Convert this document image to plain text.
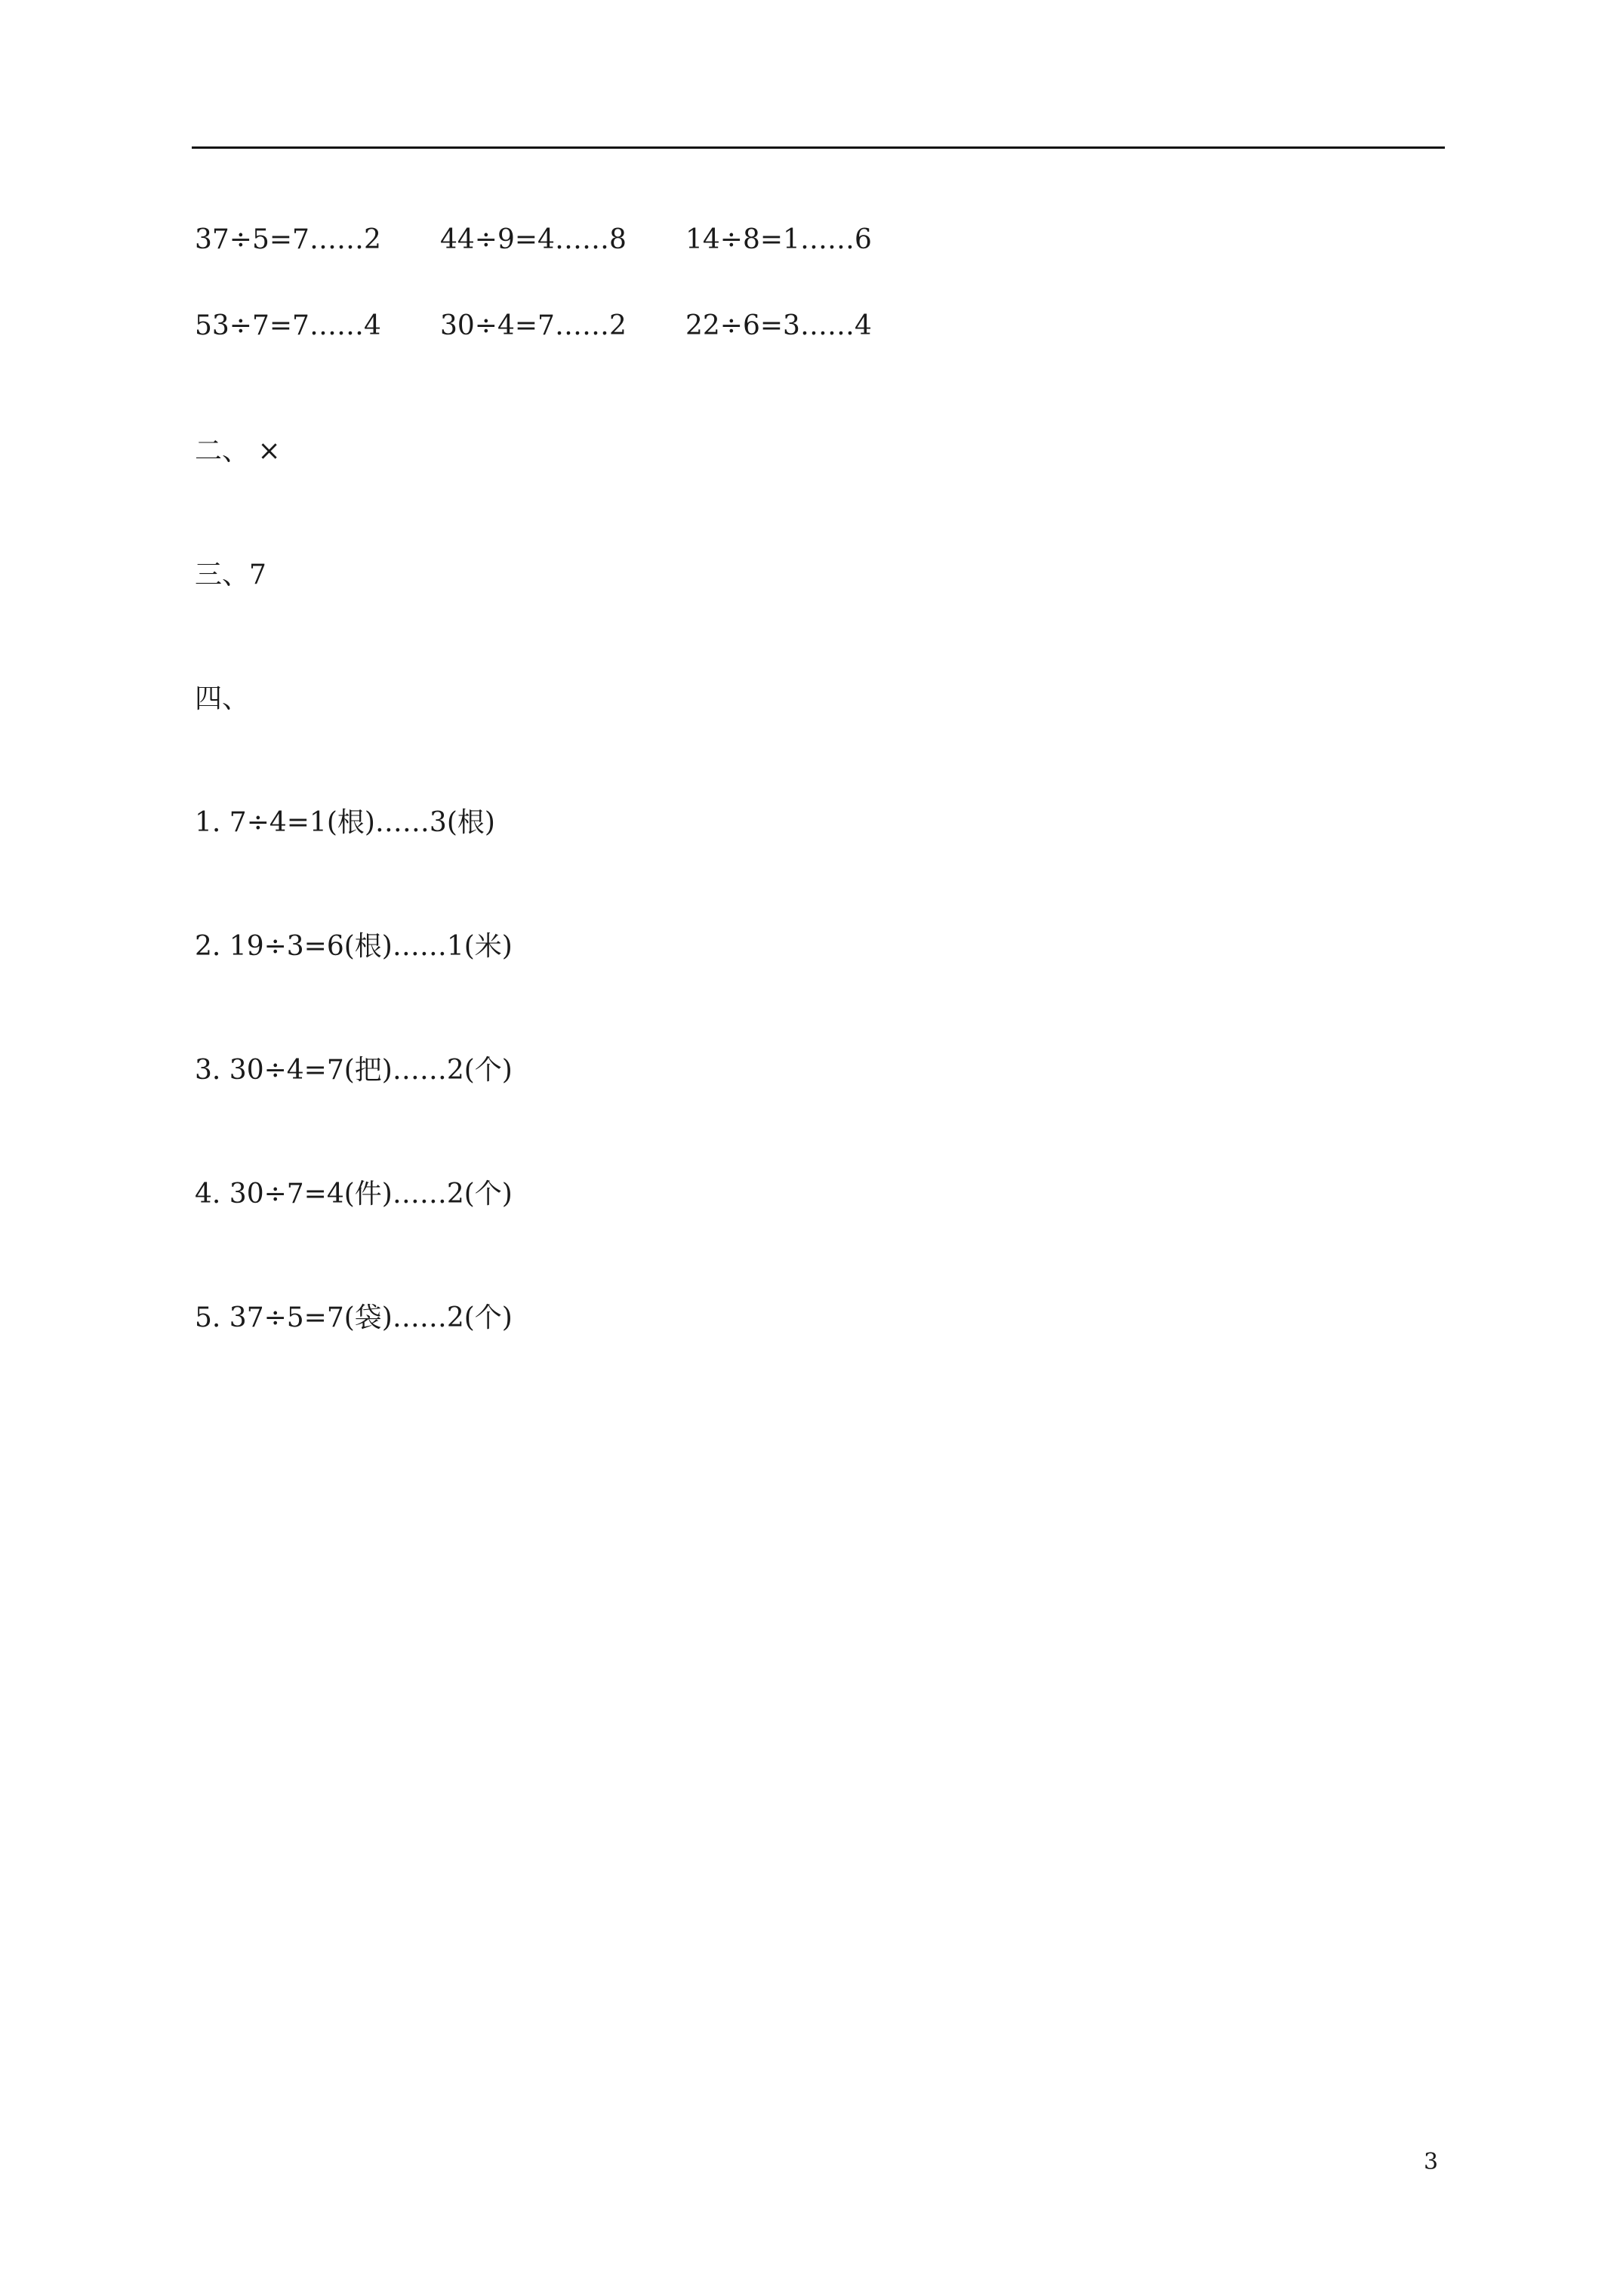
37÷5=7……2 44÷9=4……8 14÷8=1……6
53÷7=7……4 30÷4=7……2 22÷6=3……4
二、 ×
三、7
四、
1. 7÷4=1(根)……3(根)
2. 19÷3=6(根)……1(米)
3. 30÷4=7(把)……2(个)
4. 30÷7=4(件)……2(个)
5. 37÷5=7(袋)……2(个)
3
